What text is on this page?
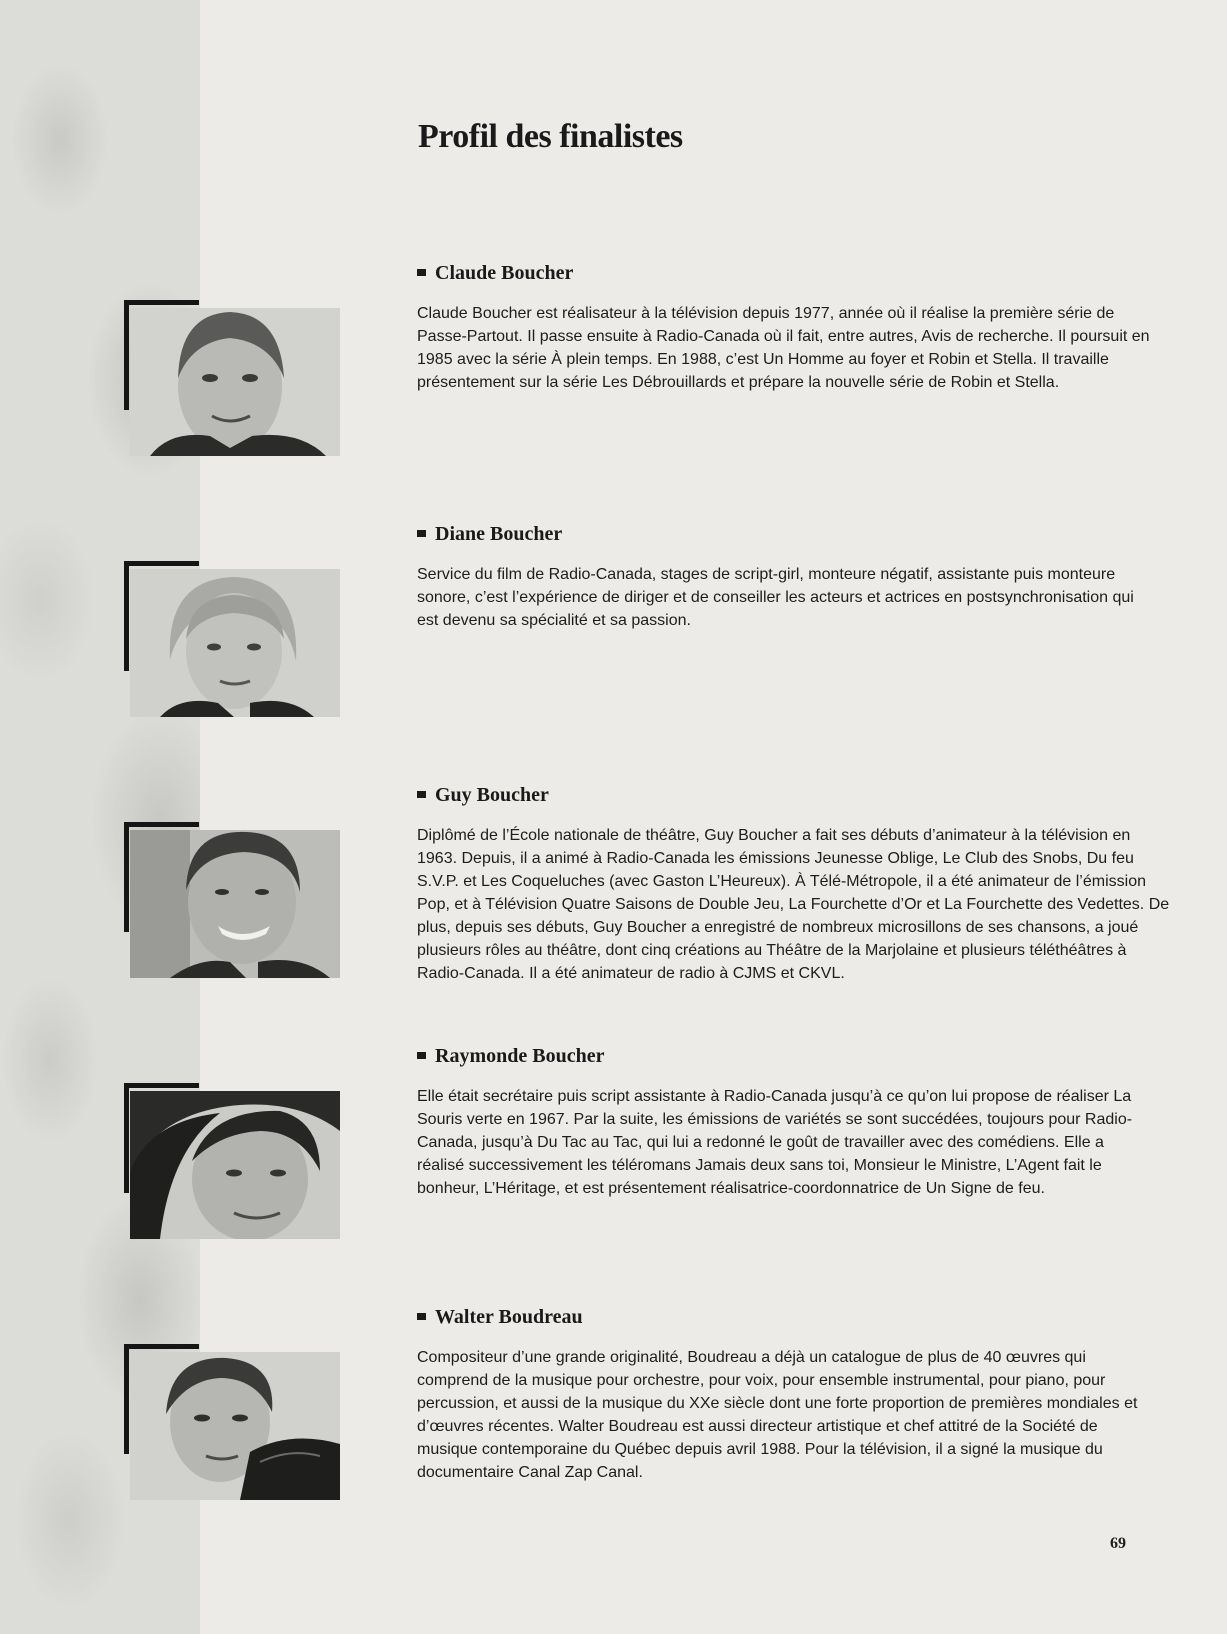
Profil des finalistes
Claude Boucher

Claude Boucher est réalisateur à la télévision depuis 1977, année où il réalise la première série de
Passe-Partout. Il passe ensuite à Radio-Canada où il fait, entre autres, Avis de recherche. Il poursuit en
1985 avec la série À plein temps. En 1988, c’est Un Homme au foyer et Robin et Stella. Il travaille
présentement sur la série Les Débrouillards et prépare la nouvelle série de Robin et Stella.

Diane Boucher

Service du film de Radio-Canada, stages de script-girl, monteure négatif, assistante puis monteure
sonore, c’est l’expérience de diriger et de conseiller les acteurs et actrices en postsynchronisation qui
est devenu sa spécialité et sa passion.

Guy Boucher

Diplômé de l’École nationale de théâtre, Guy Boucher a fait ses débuts d’animateur à la télévision en
1963. Depuis, il a animé à Radio-Canada les émissions Jeunesse Oblige, Le Club des Snobs, Du feu
S.V.P. et Les Coqueluches (avec Gaston L’Heureux). À Télé-Métropole, il a été animateur de l’émission
Pop, et à Télévision Quatre Saisons de Double Jeu, La Fourchette d’Or et La Fourchette des Vedettes. De
plus, depuis ses débuts, Guy Boucher a enregistré de nombreux microsillons de ses chansons, a joué
plusieurs rôles au théâtre, dont cinq créations au Théâtre de la Marjolaine et plusieurs téléthéâtres à
Radio-Canada. Il a été animateur de radio à CJMS et CKVL.

Raymonde Boucher

Elle était secrétaire puis script assistante à Radio-Canada jusqu’à ce qu’on lui propose de réaliser La
Souris verte en 1967. Par la suite, les émissions de variétés se sont succédées, toujours pour Radio-
Canada, jusqu’à Du Tac au Tac, qui lui a redonné le goût de travailler avec des comédiens. Elle a
réalisé successivement les téléromans Jamais deux sans toi, Monsieur le Ministre, L’Agent fait le
bonheur, L’Héritage, et est présentement réalisatrice-coordonnatrice de Un Signe de feu.

Walter Boudreau

Compositeur d’une grande originalité, Boudreau a déjà un catalogue de plus de 40 œuvres qui
comprend de la musique pour orchestre, pour voix, pour ensemble instrumental, pour piano, pour
percussion, et aussi de la musique du XXe siècle dont une forte proportion de premières mondiales et
d’œuvres récentes. Walter Boudreau est aussi directeur artistique et chef attitré de la Société de
musique contemporaine du Québec depuis avril 1988. Pour la télévision, il a signé la musique du
documentaire Canal Zap Canal.

69
